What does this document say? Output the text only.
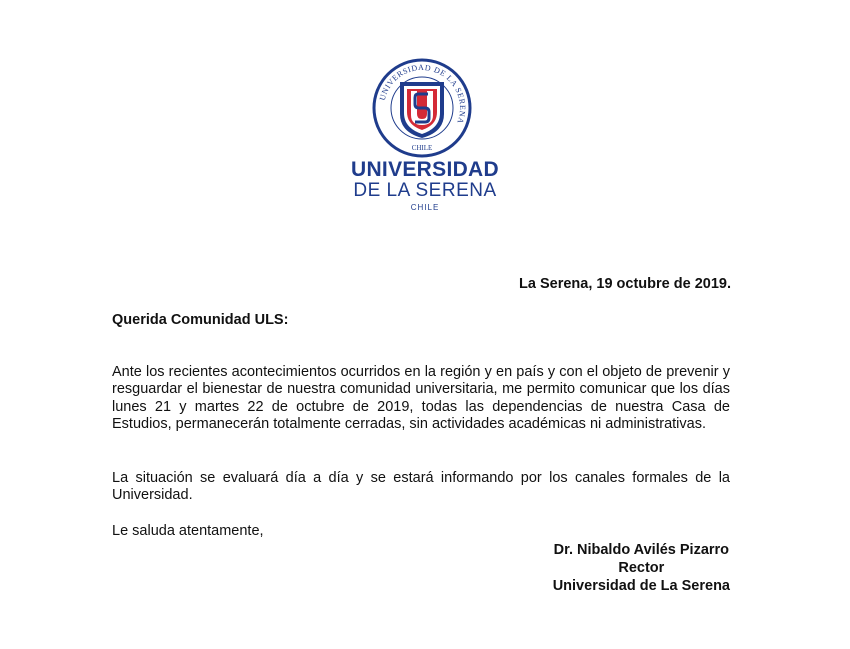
UNIVERSIDAD DE LA SERENA
CHILE
UNIVERSIDAD
DE LA SERENA
CHILE
La Serena, 19 octubre de 2019.
Querida Comunidad ULS:

Ante los recientes acontecimientos ocurridos en la región y en país y con el objeto de prevenir y resguardar el bienestar de nuestra comunidad universitaria, me permito comunicar que los días lunes 21 y martes 22 de octubre de 2019, todas las dependencias de nuestra Casa de Estudios, permanecerán totalmente cerradas, sin actividades académicas ni administrativas.

La situación se evaluará día a día y se estará informando por los canales formales de la Universidad.

Le saluda atentamente,
Dr. Nibaldo Avilés Pizarro
Rector
Universidad de La Serena
